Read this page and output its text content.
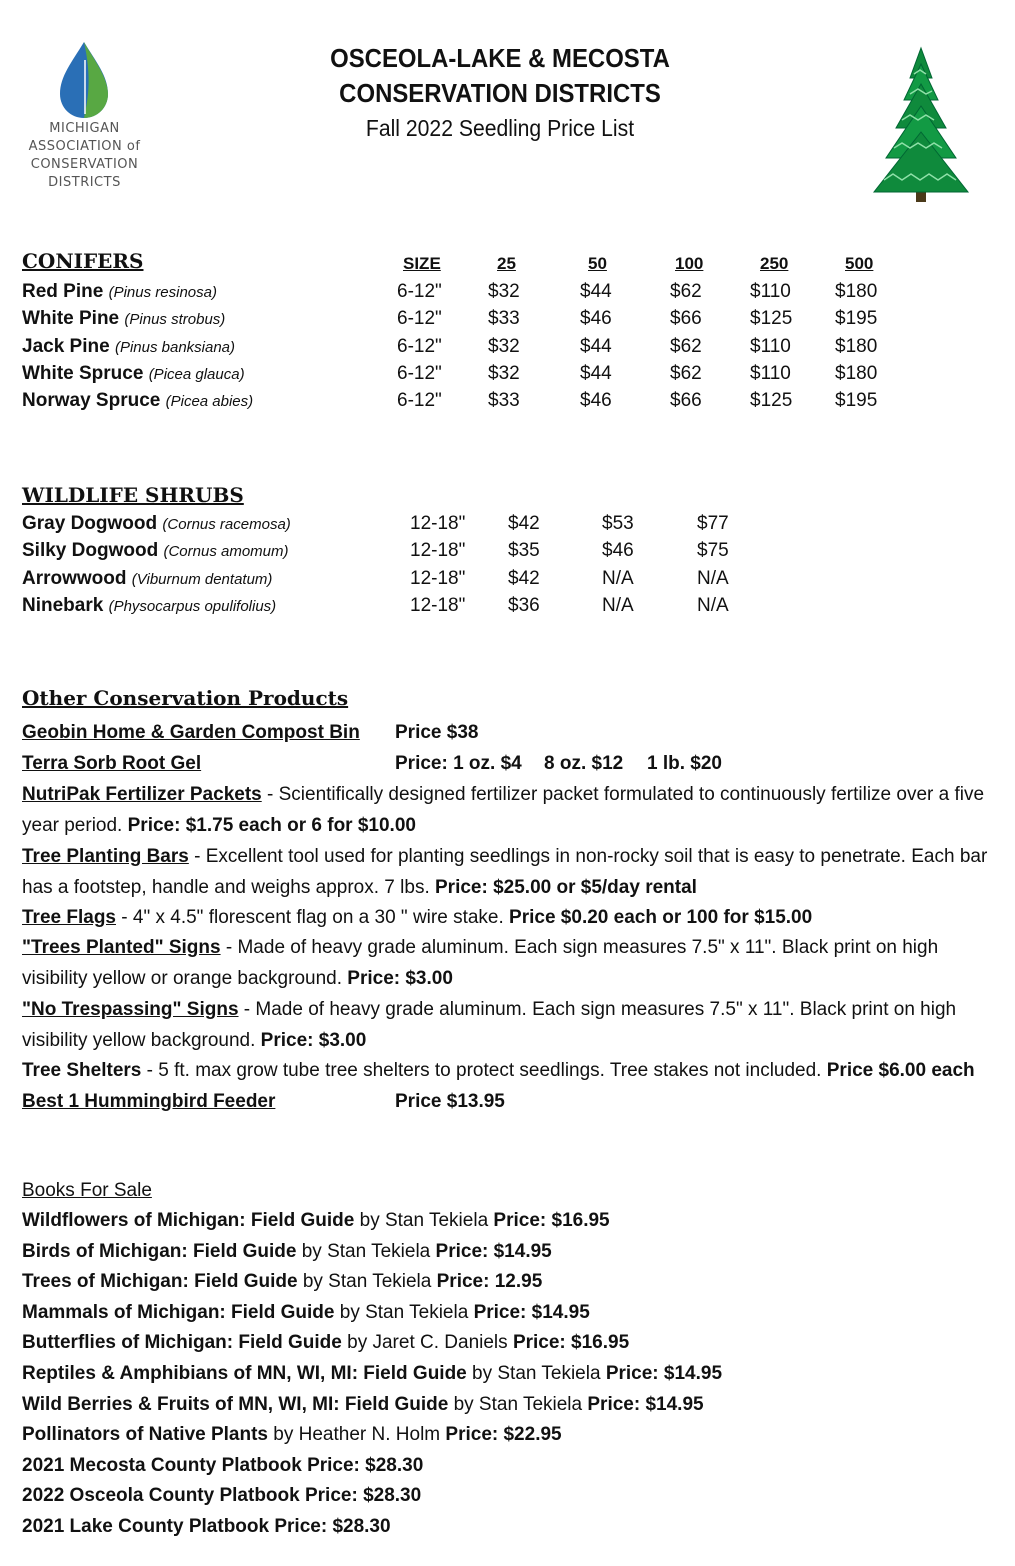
MICHIGAN
ASSOCIATION of
CONSERVATION
DISTRICTS
OSCEOLA-LAKE & MECOSTA
CONSERVATION DISTRICTS
Fall 2022 Seedling Price List
CONIFERS	SIZE	25	50	100	250	500
Red Pine (Pinus resinosa)	6-12" $32	$44	$62	$110 $180
White Pine (Pinus strobus)	6-12" $33	$46	$66	$125 $195
Jack Pine (Pinus banksiana)	6-12" $32	$44	$62	$110 $180
White Spruce (Picea glauca)	6-12" $32	$44	$62	$110 $180
Norway Spruce (Picea abies)	6-12" $33	$46	$66	$125 $195
Gray Dogwood (Cornus racemosa)	12-18" $42	$53	$77
Silky Dogwood (Cornus amomum)	12-18" $35	$46	$75
Arrowwood (Viburnum dentatum)	12-18" $42	N/A	N/A
Ninebark (Physocarpus opulifolius)	12-18" $36	N/A	N/A
WILDLIFE SHRUBS
Other Conservation Products
Geobin Home & Garden Compost Bin Price $38
Terra Sorb Root Gel	Price: 1 oz. $4 8 oz. $12 1 lb. $20
NutriPak Fertilizer Packets - Scientifically designed fertilizer packet formulated to continuously fertilize over a five year period. Price: $1.75 each or 6 for $10.00
Tree Planting Bars - Excellent tool used for planting seedlings in non-rocky soil that is easy to penetrate. Each bar has a footstep, handle and weighs approx. 7 lbs. Price: $25.00 or $5/day rental
Tree Flags - 4" x 4.5" florescent flag on a 30 " wire stake. Price $0.20 each or 100 for $15.00
"Trees Planted" Signs - Made of heavy grade aluminum. Each sign measures 7.5" x 11". Black print on high visibility yellow or orange background. Price: $3.00
"No Trespassing" Signs - Made of heavy grade aluminum. Each sign measures 7.5" x 11". Black print on high visibility yellow background. Price: $3.00
Tree Shelters - 5 ft. max grow tube tree shelters to protect seedlings. Tree stakes not included. Price $6.00 each
Best 1 Hummingbird Feeder	Price $13.95
Books For Sale
Wildflowers of Michigan: Field Guide by Stan Tekiela Price: $16.95
Birds of Michigan: Field Guide by Stan Tekiela Price: $14.95
Trees of Michigan: Field Guide by Stan Tekiela Price: 12.95
Mammals of Michigan: Field Guide by Stan Tekiela Price: $14.95
Butterflies of Michigan: Field Guide by Jaret C. Daniels Price: $16.95
Reptiles & Amphibians of MN, WI, MI: Field Guide by Stan Tekiela Price: $14.95
Wild Berries & Fruits of MN, WI, MI: Field Guide by Stan Tekiela Price: $14.95
Pollinators of Native Plants by Heather N. Holm Price: $22.95
2021 Mecosta County Platbook Price: $28.30
2022 Osceola County Platbook Price: $28.30
2021 Lake County Platbook Price: $28.30
